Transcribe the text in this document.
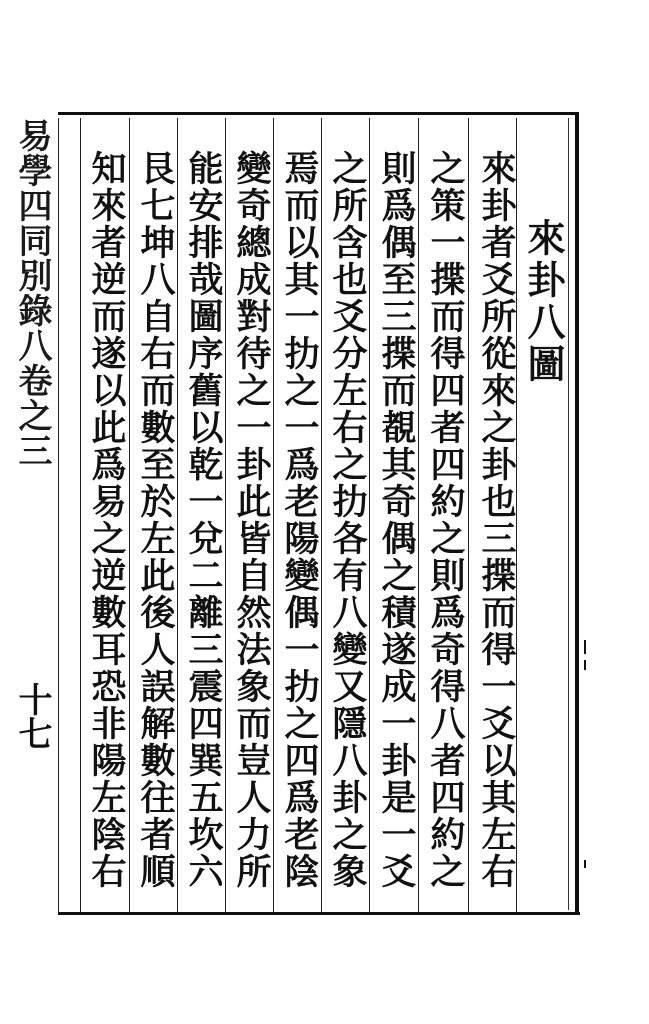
來卦八圖
來卦者爻所從來之卦也三揲而得一爻以其左右
之策一揲而得四者四約之則爲奇得八者四約之
則爲偶至三揲而覩其奇偶之積遂成一卦是一爻
之所含也爻分左右之扐各有八變又隱八卦之象
焉而以其一扐之一爲老陽變偶一扐之四爲老陰
變奇總成對待之一卦此皆自然法象而豈人力所
能安排哉圖序舊以乾一兌二離三震四巽五坎六
艮七坤八自右而數至於左此後人誤解數往者順
知來者逆而遂以此爲易之逆數耳恐非陽左陰右
易學四同別錄八卷之三
十七
